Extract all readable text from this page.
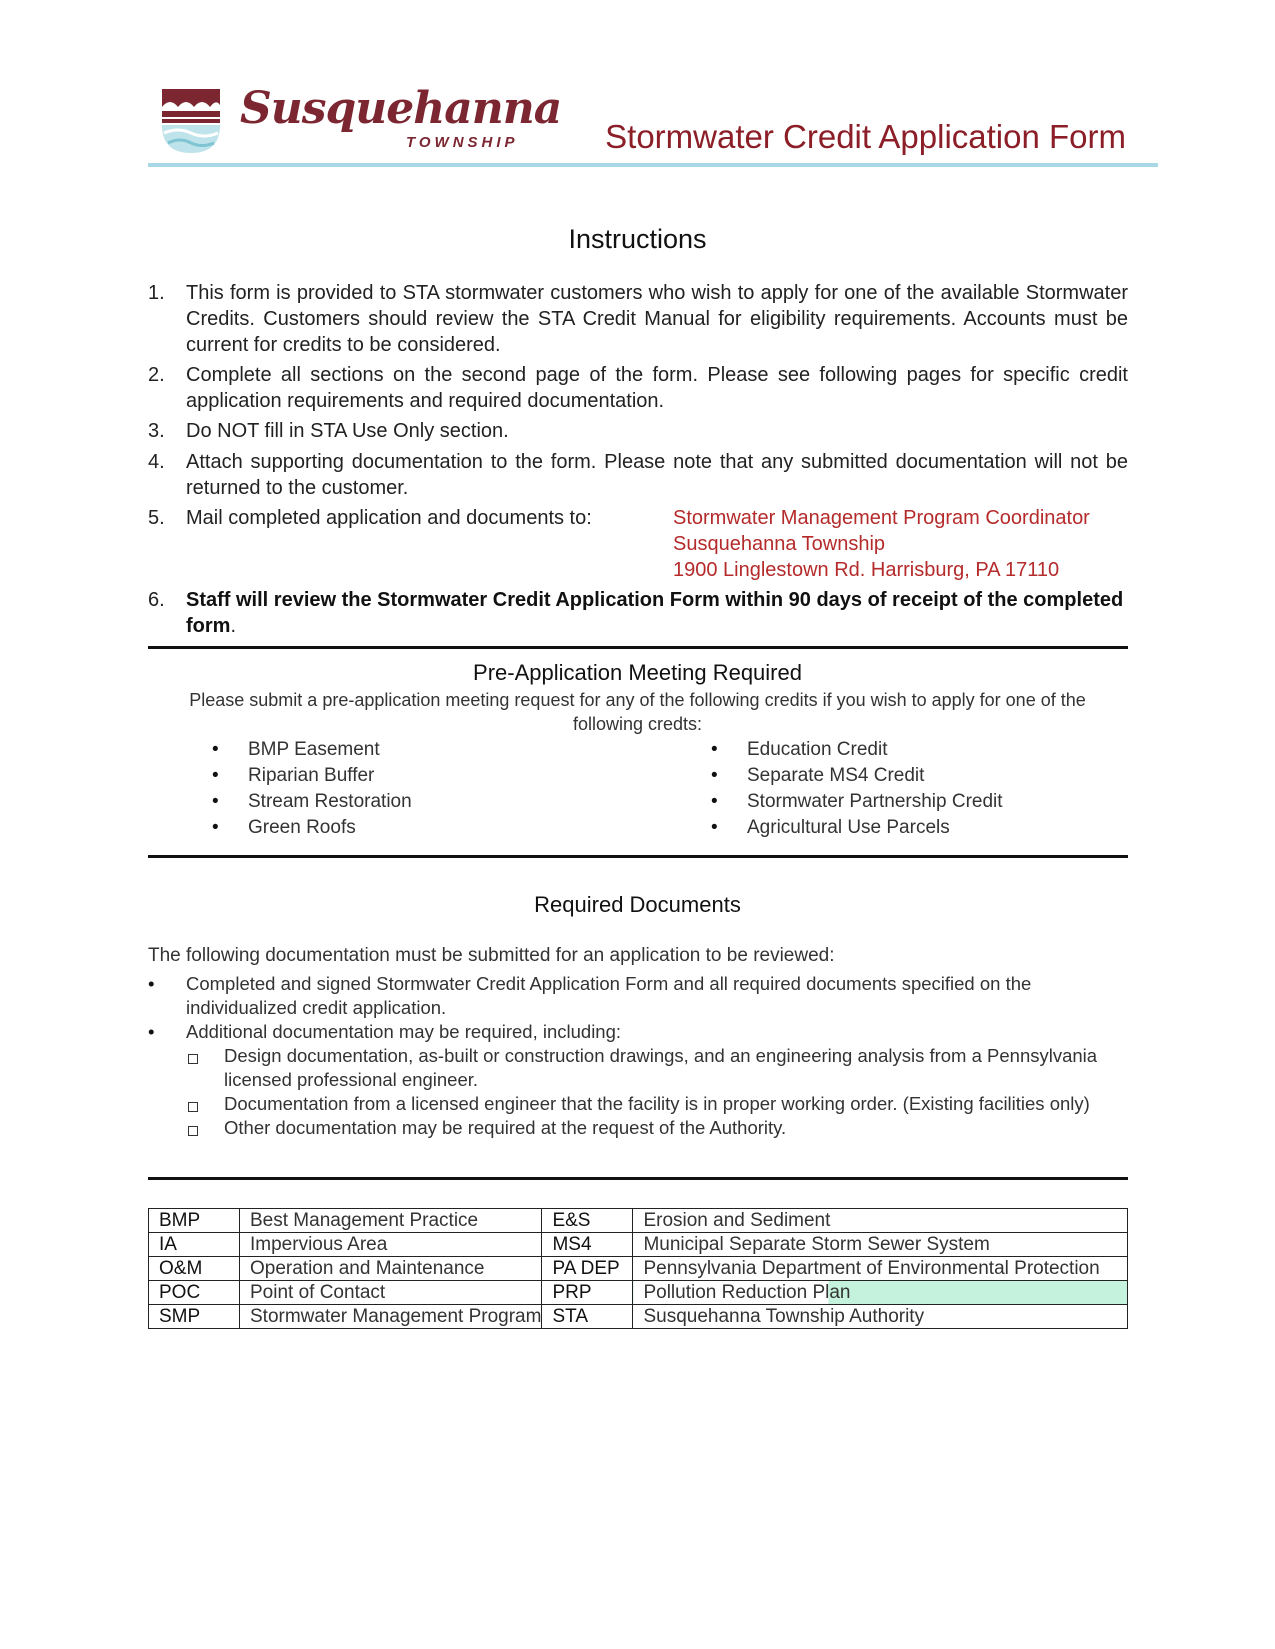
Susquehanna
TOWNSHIP	Stormwater Credit Application Form
Instructions
1.	This form is provided to STA stormwater customers who wish to apply for one of the available Stormwater Credits. Customers should review the STA Credit Manual for eligibility requirements. Accounts must be current for credits to be considered.
2.	Complete all sections on the second page of the form. Please see following pages for specific credit application requirements and required documentation.
3.	Do NOT fill in STA Use Only section.
4.	Attach supporting documentation to the form. Please note that any submitted documentation will not be returned to the customer.
5.	Mail completed application and documents to:	Stormwater Management Program Coordinator
Susquehanna Township
1900 Linglestown Rd. Harrisburg, PA 17110
6.	Staff will review the Stormwater Credit Application Form within 90 days of receipt of the completed form.
Pre-Application Meeting Required
Please submit a pre-application meeting request for any of the following credits if you wish to apply for one of the following credts:
• BMP Easement
• Riparian Buffer
• Stream Restoration
• Green Roofs
• Education Credit
• Separate MS4 Credit
• Stormwater Partnership Credit
• Agricultural Use Parcels
Required Documents
The following documentation must be submitted for an application to be reviewed:
• Completed and signed Stormwater Credit Application Form and all required documents specified on the individualized credit application.
• Additional documentation may be required, including:
Design documentation, as-built or construction drawings, and an engineering analysis from a Pennsylvania licensed professional engineer.
Documentation from a licensed engineer that the facility is in proper working order. (Existing facilities only)
Other documentation may be required at the request of the Authority.
BMP	Best Management Practice	E&S	Erosion and Sediment
IA	Impervious Area	MS4	Municipal Separate Storm Sewer System
O&M	Operation and Maintenance	PA DEP	Pennsylvania Department of Environmental Protection
POC	Point of Contact	PRP	Pollution Reduction Plan
SMP	Stormwater Management Program	STA	Susquehanna Township Authority
